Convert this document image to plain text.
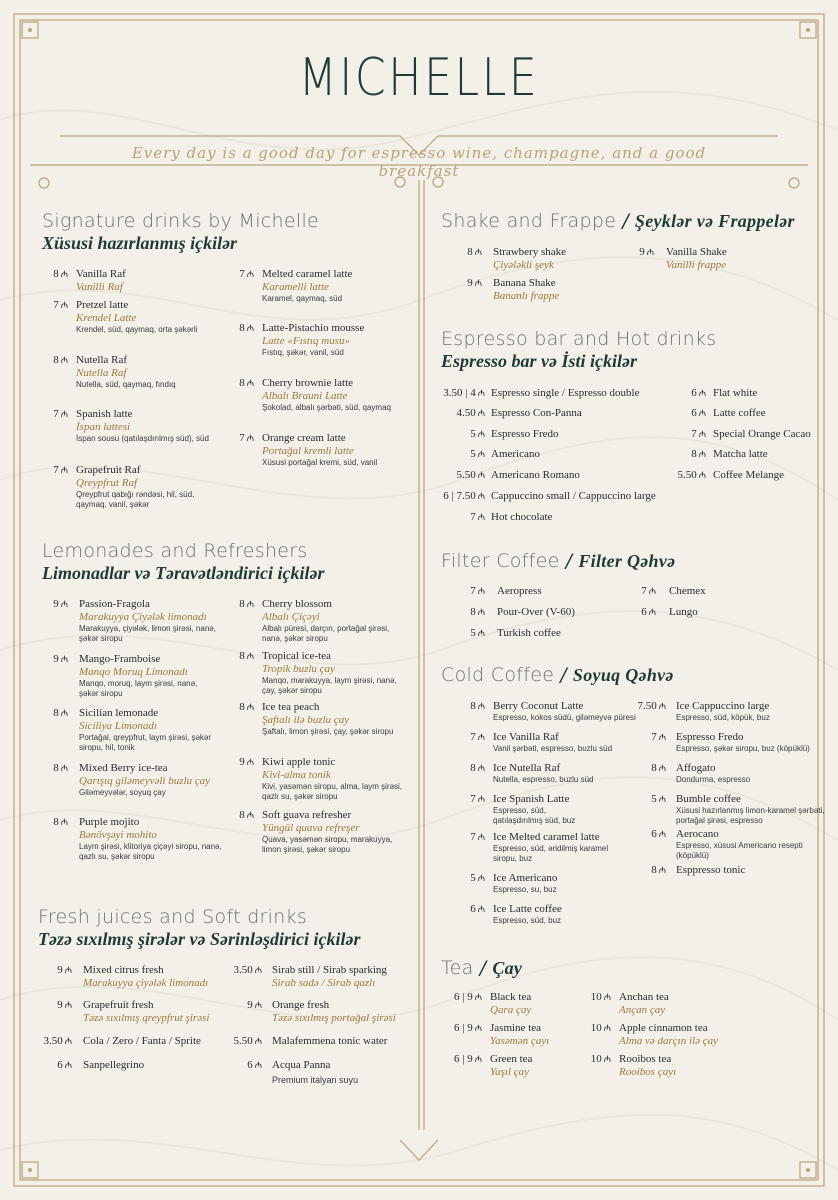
MICHELLE
Every day is a good day for espresso wine, champagne, and a good breakfast
Signature drinks by Michelle
Xüsusi hazırlanmış içkilər
Lemonades and Refreshers
Limonadlar və Təravətləndirici içkilər
Fresh juices and Soft drinks
Təzə sıxılmış şirələr və Sərinləşdirici içkilər
Shake and Frappe / Şeyklər və Frappelər
Espresso bar and Hot drinks
Espresso bar və İsti içkilər
Filter Coffee / Filter Qəhvə
Cold Coffee / Soyuq Qəhvə
Tea / Çay
8 ₼ Vanilla Raf
Vanilli Raf
7 ₼ Pretzel latte
Krendel Latte
Krendel, süd, qaymaq, orta şəkərli
8 ₼ Nutella Raf
Nutella Raf
Nutella, süd, qaymaq, fındıq
7 ₼ Spanish latte
İspan lattesi
İspan sousu (qatılaşdırılmış süd), süd
7 ₼ Grapefruit Raf
Qreypfrut Raf
Qreypfrut qabığı rəndəsi, hil, süd,
qaymaq, vanil, şəkər
7 ₼ Melted caramel latte
Karamelli latte
Karamel, qaymaq, süd
8 ₼ Latte-Pistachio mousse
Latte «Fıstıq musu»
Fıstıq, şəkər, vanil, süd
8 ₼ Cherry brownie latte
Albalı Brauni Latte
Şokolad, albalı şərbəti, süd, qaymaq
7 ₼ Orange cream latte
Portağal kremli latte
Xüsusi portağal kremi, süd, vanil
9 ₼ Passion-Fragola
Marakuyya Çiyələk limonadı
Marakuyya, çiyələk, limon şirəsi, nanə,
şəkər siropu
9 ₼ Mango-Framboise
Manqo Moruq Limonadı
Manqo, moruq, laym şirəsi, nanə,
şəkər siropu
8 ₼ Sicilian lemonade
Siciliya Limonadı
Portağal, qreypfrut, laym şirəsi, şəkər
siropu, hil, tonik
8 ₼ Mixed Berry ice-tea
Qarışıq giləmeyvəli buzlu çay
Giləmeyvələr, soyuq çay
8 ₼ Purple mojito
Bənövşəyi mohito
Laym şirəsi, klitoriya çiçəyi siropu, nanə,
qazlı su, şəkər siropu
8 ₼ Cherry blossom
Albalı Çiçəyi
Albalı püresi, darçın, portağal şirəsi,
nanə, şəkər siropu
8 ₼ Tropical ice-tea
Tropik buzlu çay
Manqo, marakuyya, laym şirəsi, nanə,
çay, şəkər siropu
8 ₼ Ice tea peach
Şaftalı ilə buzlu çay
Şaftalı, limon şirəsi, çay, şəkər siropu
9 ₼ Kiwi apple tonic
Kivi-alma tonik
Kivi, yasəmən siropu, alma, laym şirəsi,
qazlı su, şəkər siropu
8 ₼ Soft guava refresher
Yüngül quava refreşer
Quava, yasəmən siropu, marakuyya,
limon şirəsi, şəkər siropu
9 ₼ Mixed citrus fresh
Marakuyya çiyələk limonadı
9 ₼ Grapefruit fresh
Təzə sıxılmış qreypfrut şirəsi
3.50 ₼ Cola / Zero / Fanta / Sprite
6 ₼ Sanpellegrino
3.50 ₼ Sirab still / Sirab sparking
Sirab sadə / Sirab qazlı
9 ₼ Orange fresh
Təzə sıxılmış portağal şirəsi
5.50 ₼ Malafemmena tonic water
6 ₼ Acqua Panna
Premium italyan suyu
8 ₼ Strawbery shake
Çiyələkli şeyk
9 ₼ Banana Shake
Bananlı frappe
9 ₼ Vanilla Shake
Vanilli frappe
3.50 | 4 ₼ Espresso single / Espresso double
4.50 ₼ Espresso Con-Panna
5 ₼ Espresso Fredo
5 ₼ Americano
5.50 ₼ Americano Romano
6 | 7.50 ₼ Cappuccino small / Cappuccino large
7 ₼ Hot chocolate
6 ₼ Flat white
6 ₼ Latte coffee
7 ₼ Special Orange Cacao
8 ₼ Matcha latte
5.50 ₼ Coffee Melange
7 ₼ Aeropress
8 ₼ Pour-Over (V-60)
5 ₼ Turkish coffee
7 ₼ Chemex
6 ₼ Lungo
8 ₼ Berry Coconut Latte
Espresso, kokos südü, giləmeyvə püresi
7 ₼ Ice Vanilla Raf
Vanil şərbəti, espresso, buzlu süd
8 ₼ Ice Nutella Raf
Nutella, espresso, buzlu süd
7 ₼ Ice Spanish Latte
Espresso, süd,
qatılaşdırılmış süd, buz
7 ₼ Ice Melted caramel latte
Espresso, süd, əridilmiş karamel
siropu, buz
5 ₼ Ice Americano
Espresso, su, buz
6 ₼ Ice Latte coffee
Espresso, süd, buz
7.50 ₼ Ice Cappuccino large
Espresso, süd, köpük, buz
7 ₼ Espresso Fredo
Espresso, şəkər siropu, buz (köpüklü)
8 ₼ Affogato
Dondurma, espresso
5 ₼ Bumble coffee
Xüsusi hazırlanmış limon-karamel şərbəti,
portağal şirəsi, espresso
6 ₼ Aerocano
Espresso, xüsusi Americano resepti
(köpüklü)
8 ₼ Esppresso tonic
6 | 9 ₼ Black tea
Qara çay
6 | 9 ₼ Jasmine tea
Yasəmən çayı
6 | 9 ₼ Green tea
Yaşıl çay
10 ₼ Anchan tea
Ançan çay
10 ₼ Apple cinnamon tea
Alma və darçın ilə çay
10 ₼ Rooibos tea
Rooibos çayı
